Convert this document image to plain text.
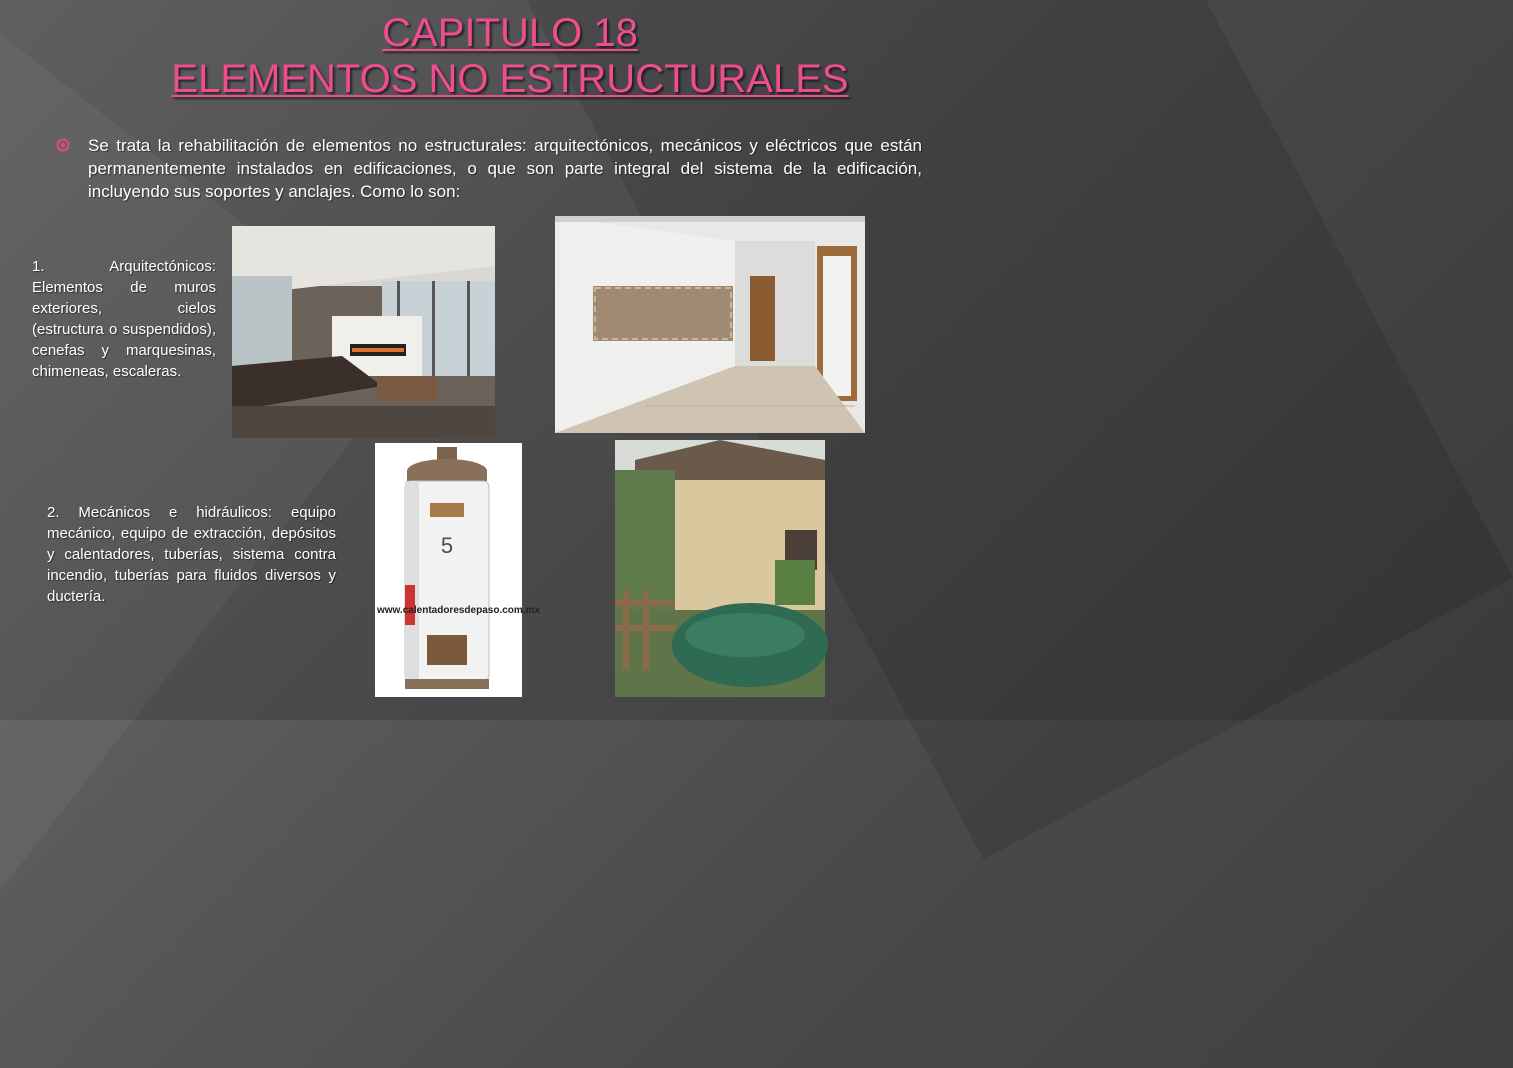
CAPITULO 18
ELEMENTOS NO ESTRUCTURALES
Se trata la rehabilitación de elementos no estructurales: arquitectónicos, mecánicos y eléctricos que están permanentemente instalados en edificaciones, o que son parte integral del sistema de la edificación, incluyendo sus soportes y anclajes. Como lo son:
5
www.calentadoresdepaso.com.mx
1. Arquitectónicos: Elementos de muros exteriores, cielos (estructura o suspendidos), cenefas y marquesinas, chimeneas, escaleras.
2. Mecánicos e hidráulicos: equipo mecánico, equipo de extracción, depósitos y calentadores, tuberías, sistema contra incendio, tuberías para fluidos diversos y ductería.
